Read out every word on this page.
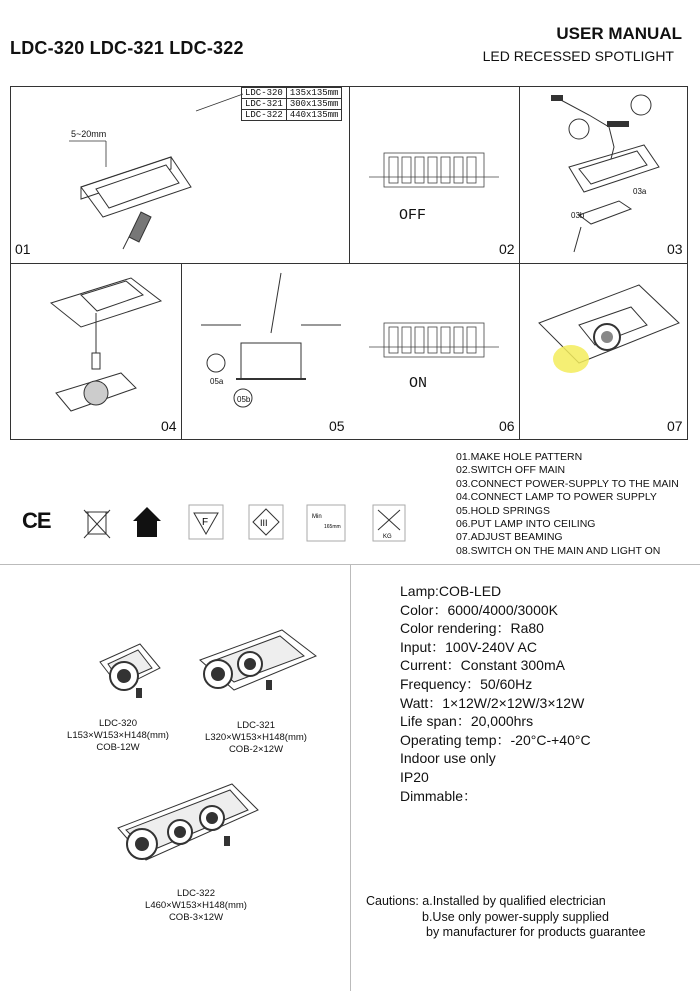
LDC-320 LDC-321 LDC-322
USER MANUAL
LED RECESSED SPOTLIGHT
LDC-320	135x135mm
LDC-321	300x135mm
LDC-322	440x135mm
5~20mm
OFF
03a
03b
05a
05b
ON
01	02	03
04	05	06	07
CE	F	III
Min
165mm
KG
01.MAKE HOLE PATTERN
02.SWITCH OFF MAIN
03.CONNECT POWER-SUPPLY TO THE MAIN
04.CONNECT LAMP TO POWER SUPPLY
05.HOLD SPRINGS
06.PUT LAMP INTO CEILING
07.ADJUST BEAMING
08.SWITCH ON THE MAIN AND LIGHT ON
LDC-320
L153×W153×H148(mm)
COB-12W
LDC-321
L320×W153×H148(mm)
COB-2×12W
LDC-322
L460×W153×H148(mm)
COB-3×12W
Lamp:COB-LED
Color：6000/4000/3000K
Color rendering：Ra80
Input：100V-240V AC
Current：Constant 300mA
Frequency：50/60Hz
Watt：1×12W/2×12W/3×12W
Life span：20,000hrs
Operating temp：-20°C-+40°C
Indoor use only
IP20
Dimmable：
Cautions: a.Installed by qualified electrician
b.Use only power-supply supplied
by manufacturer for products guarantee
